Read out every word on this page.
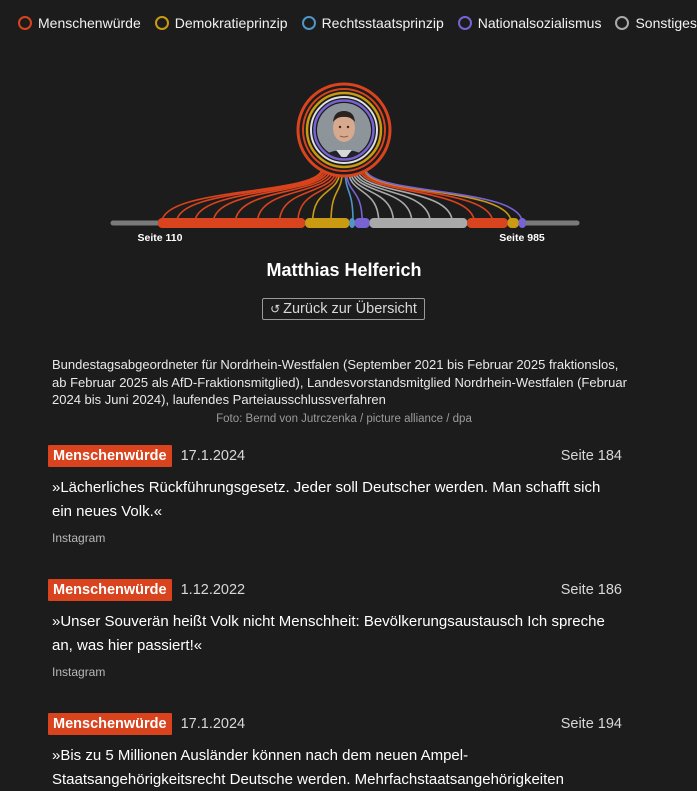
Menschenwürde Demokratieprinzip Rechtsstaatsprinzip Nationalsozialismus Sonstiges
Seite 110	Seite 985
Matthias Helferich
↺ Zurück zur Übersicht
Bundestagsabgeordneter für Nordrhein-Westfalen (September 2021 bis Februar 2025 fraktionslos, ab Februar 2025 als AfD-Fraktionsmitglied), Landesvorstandsmitglied Nordrhein-Westfalen (Februar 2024 bis Juni 2024), laufendes Parteiausschlussverfahren
Foto: Bernd von Jutrczenka / picture alliance / dpa
Menschenwürde 17.1.2024	Seite 184
»Lächerliches Rückführungsgesetz. Jeder soll Deutscher werden. Man schafft sich ein neues Volk.«
Instagram
Menschenwürde 1.12.2022	Seite 186
»Unser Souverän heißt Volk nicht Menschheit: Bevölkerungsaustausch Ich spreche an, was hier passiert!«
Instagram
Menschenwürde 17.1.2024	Seite 194
»Bis zu 5 Millionen Ausländer können nach dem neuen Ampel-Staatsangehörigkeitsrecht Deutsche werden. Mehrfachstaatsangehörigkeiten
